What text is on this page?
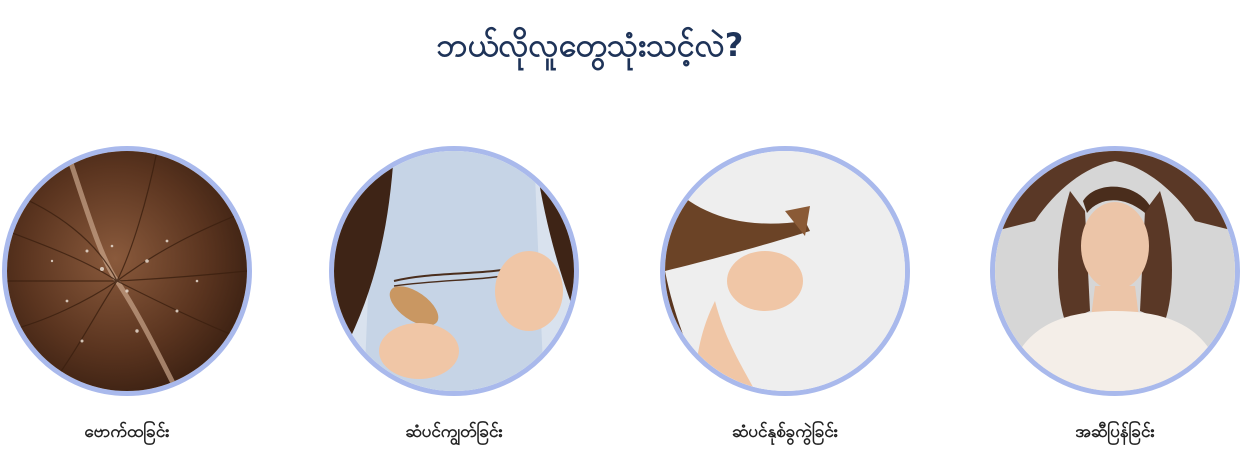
ဘယ်လိုလူတွေသုံးသင့်လဲ?
ဗောက်ထခြင်း	ဆံပင်ကျွတ်ခြင်း	ဆံပင်နုစ်ခွကွဲခြင်း	အဆီပြန်ခြင်း
